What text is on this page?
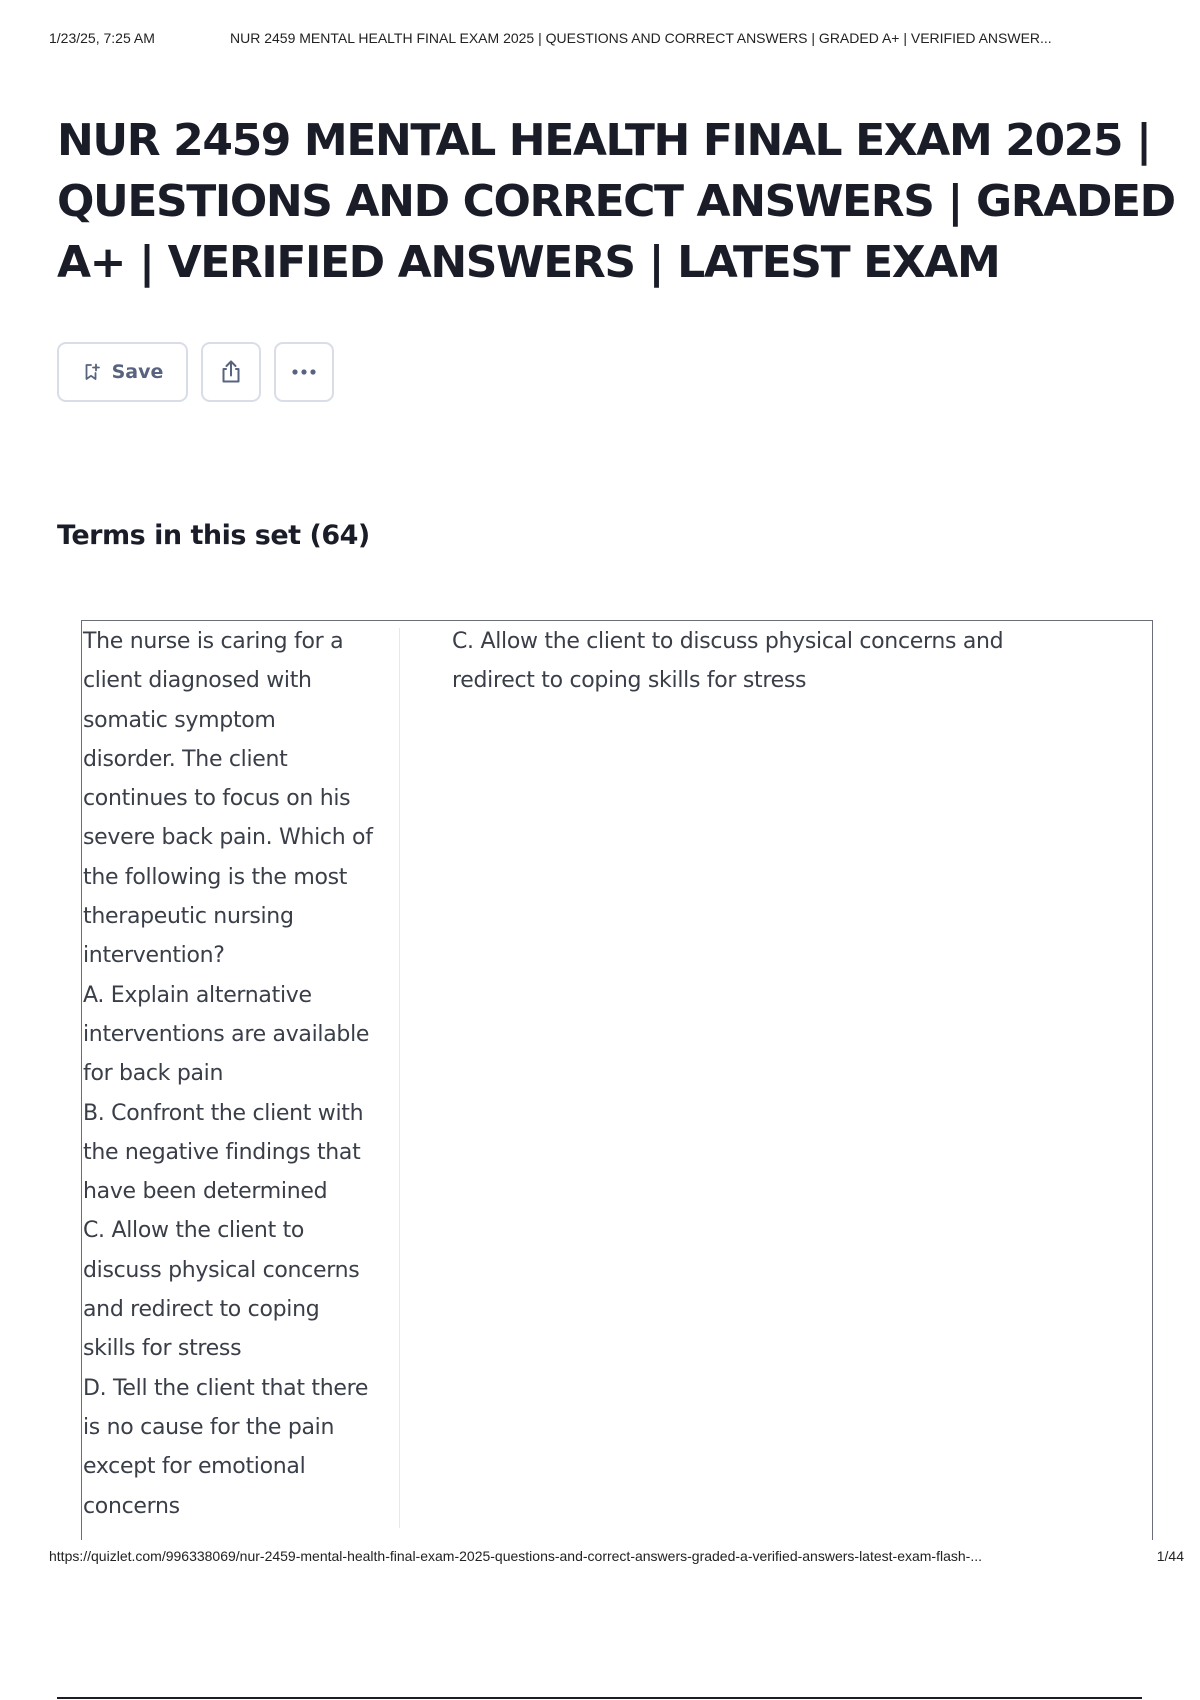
1/23/25, 7:25 AM	NUR 2459 MENTAL HEALTH FINAL EXAM 2025 | QUESTIONS AND CORRECT ANSWERS | GRADED A+ | VERIFIED ANSWER...
NUR 2459 MENTAL HEALTH FINAL EXAM 2025 | QUESTIONS AND CORRECT ANSWERS | GRADED A+ | VERIFIED ANSWERS | LATEST EXAM
Save
Terms in this set (64)
The nurse is caring for a
client diagnosed with
somatic symptom
disorder. The client
continues to focus on his
severe back pain. Which of
the following is the most
therapeutic nursing
intervention?
A. Explain alternative
interventions are available
for back pain
B. Confront the client with
the negative findings that
have been determined
C. Allow the client to
discuss physical concerns
and redirect to coping
skills for stress
D. Tell the client that there
is no cause for the pain
except for emotional
concerns
C. Allow the client to discuss physical concerns and
redirect to coping skills for stress
https://quizlet.com/996338069/nur-2459-mental-health-final-exam-2025-questions-and-correct-answers-graded-a-verified-answers-latest-exam-flash-...	1/44
